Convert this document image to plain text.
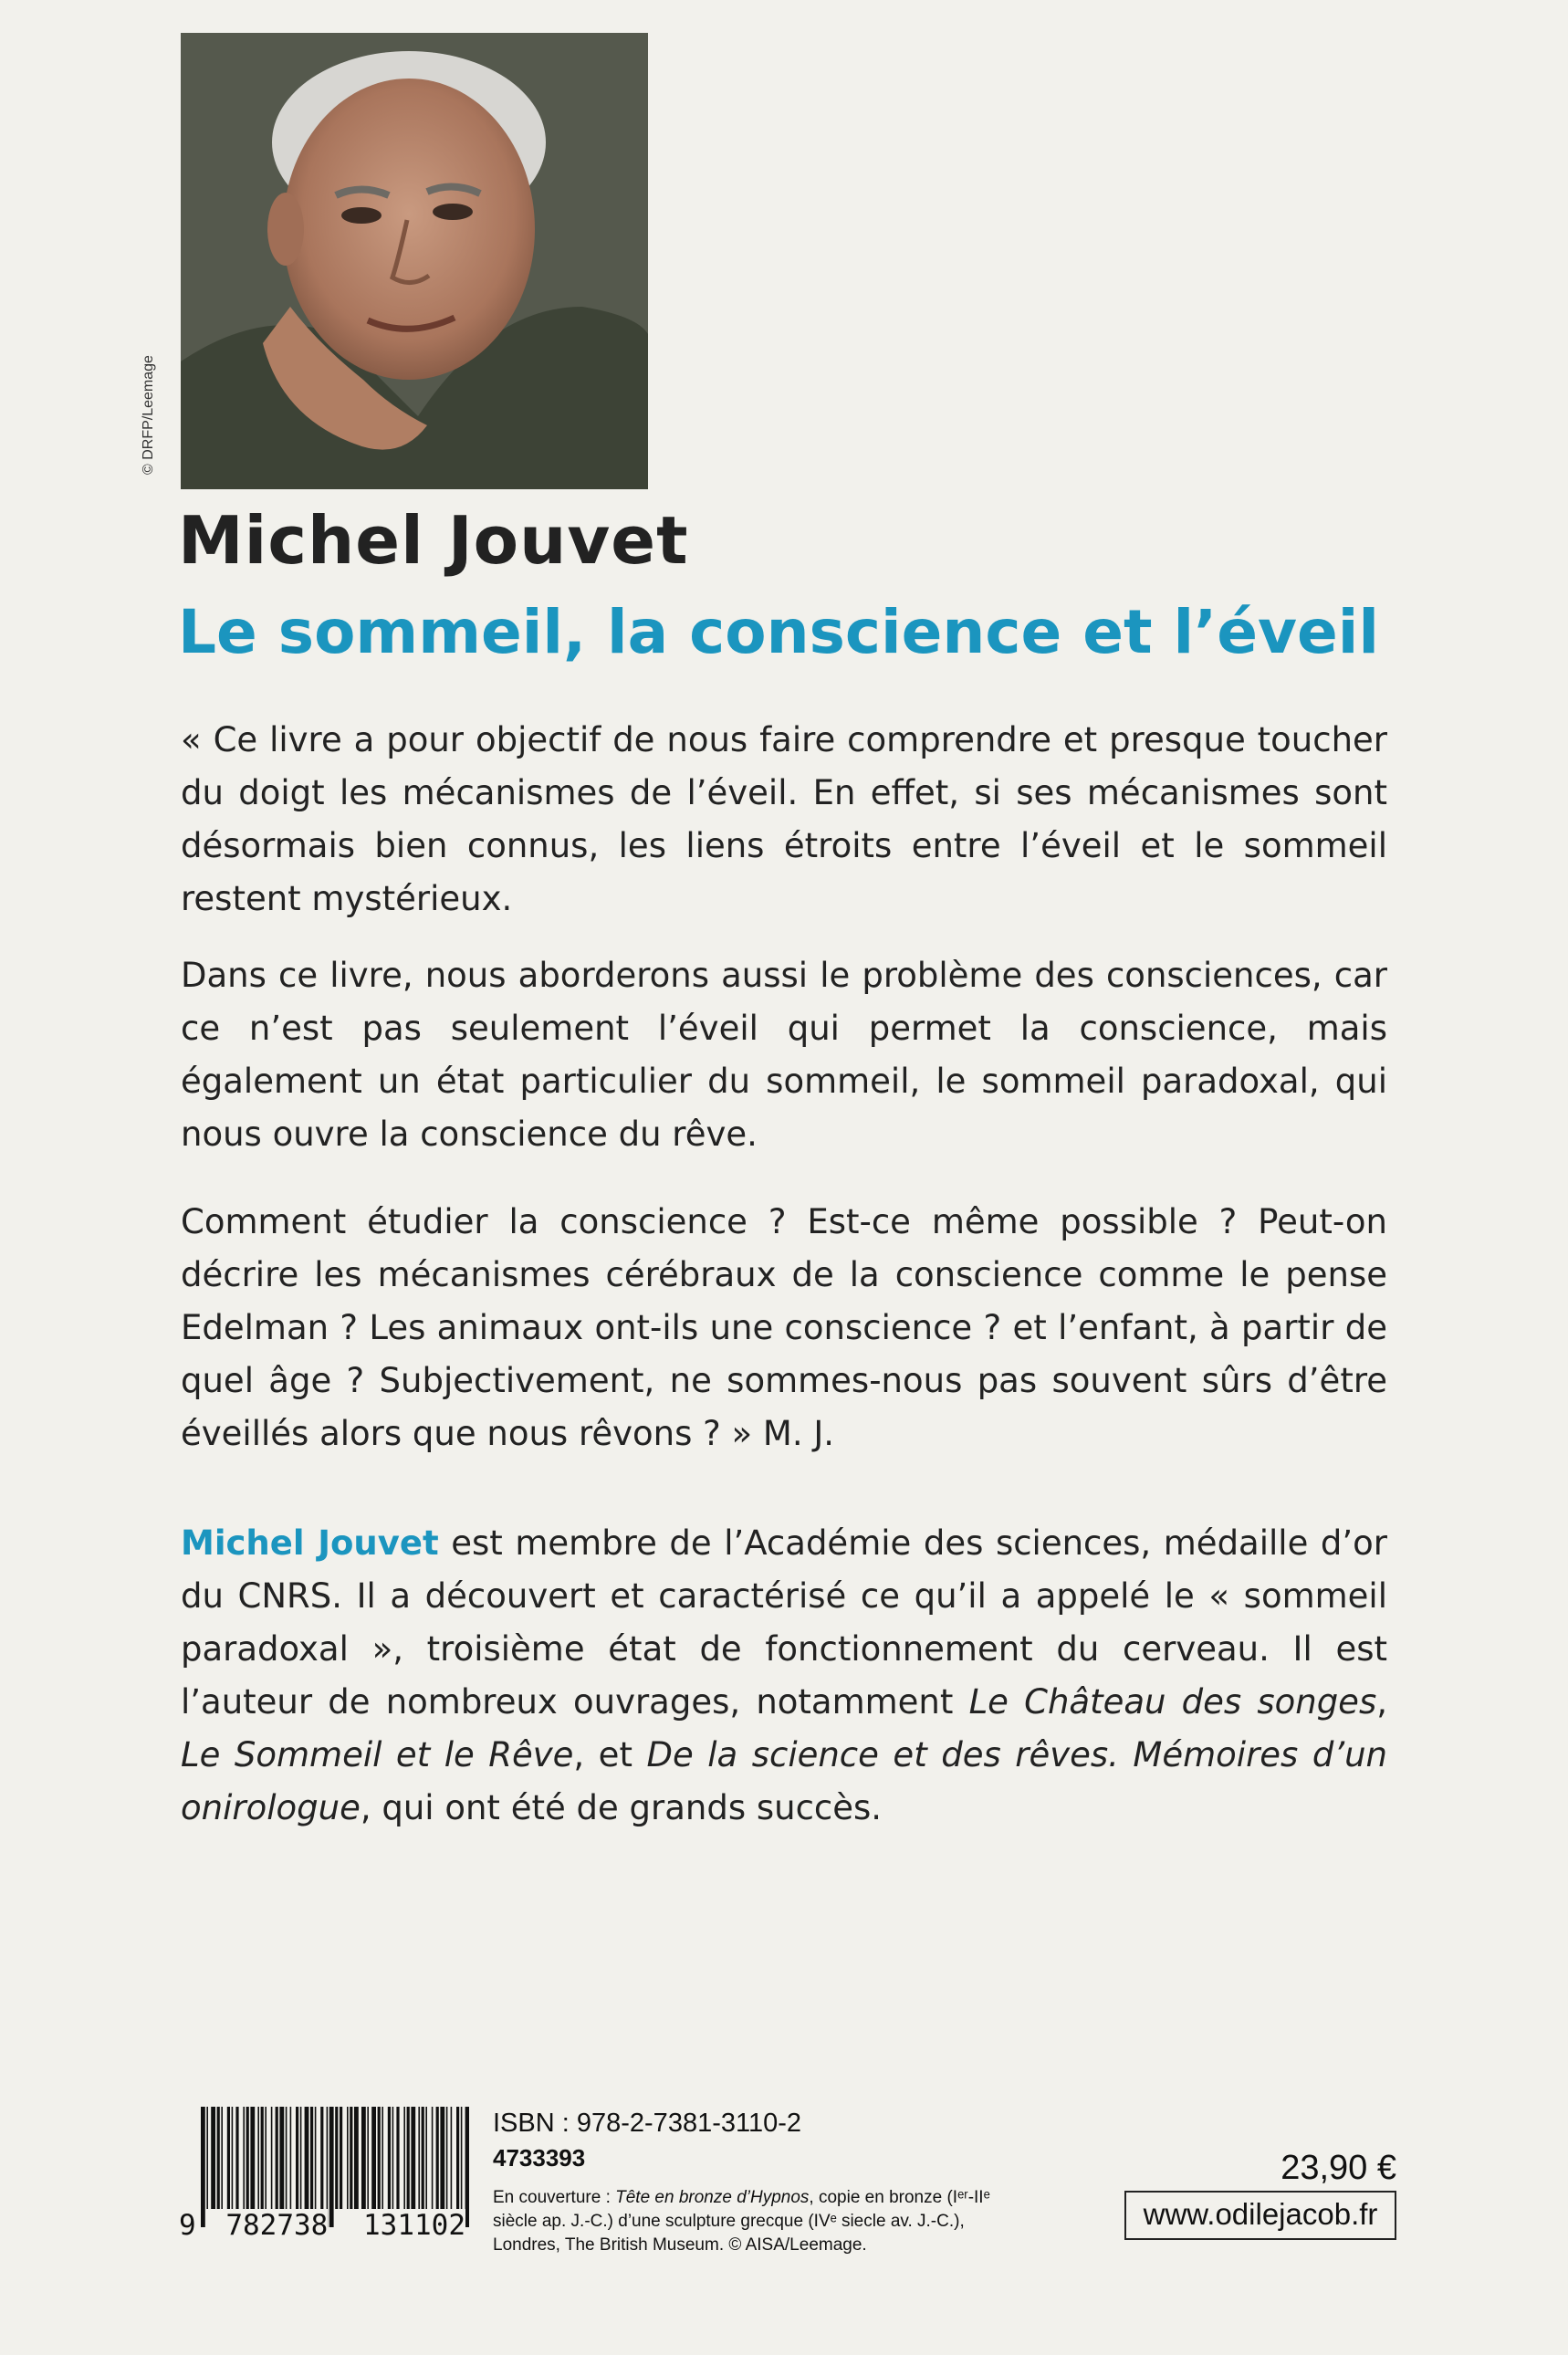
© DRFP/Leemage
Michel Jouvet
Le sommeil, la conscience et l’éveil

« Ce livre a pour objectif de nous faire comprendre et presque toucher du doigt les mécanismes de l’éveil. En effet, si ses mécanismes sont désormais bien connus, les liens étroits entre l’éveil et le sommeil restent mystérieux.

Dans ce livre, nous aborderons aussi le problème des consciences, car ce n’est pas seulement l’éveil qui permet la conscience, mais également un état particulier du sommeil, le sommeil paradoxal, qui nous ouvre la conscience du rêve.

Comment étudier la conscience ? Est-ce même possible ? Peut-on décrire les mécanismes cérébraux de la conscience comme le pense Edelman ? Les animaux ont-ils une conscience ? et l’enfant, à partir de quel âge ? Subjectivement, ne sommes-nous pas souvent sûrs d’être éveillés alors que nous rêvons ? » M. J.

Michel Jouvet est membre de l’Académie des sciences, médaille d’or du CNRS. Il a découvert et caractérisé ce qu’il a appelé le « sommeil paradoxal », troisième état de fonctionnement du cerveau. Il est l’auteur de nombreux ouvrages, notamment Le Château des songes, Le Sommeil et le Rêve, et De la science et des rêves. Mémoires d’un onirologue, qui ont été de grands succès.

9 782738 131102
ISBN : 978-2-7381-3110-2
4733393
En couverture : Tête en bronze d’Hypnos, copie en bronze (Iᵉʳ-IIᵉ siècle ap. J.-C.) d’une sculpture grecque (IVᵉ siecle av. J.-C.), Londres, The British Museum. © AISA/Leemage.
23,90 €
www.odilejacob.fr
